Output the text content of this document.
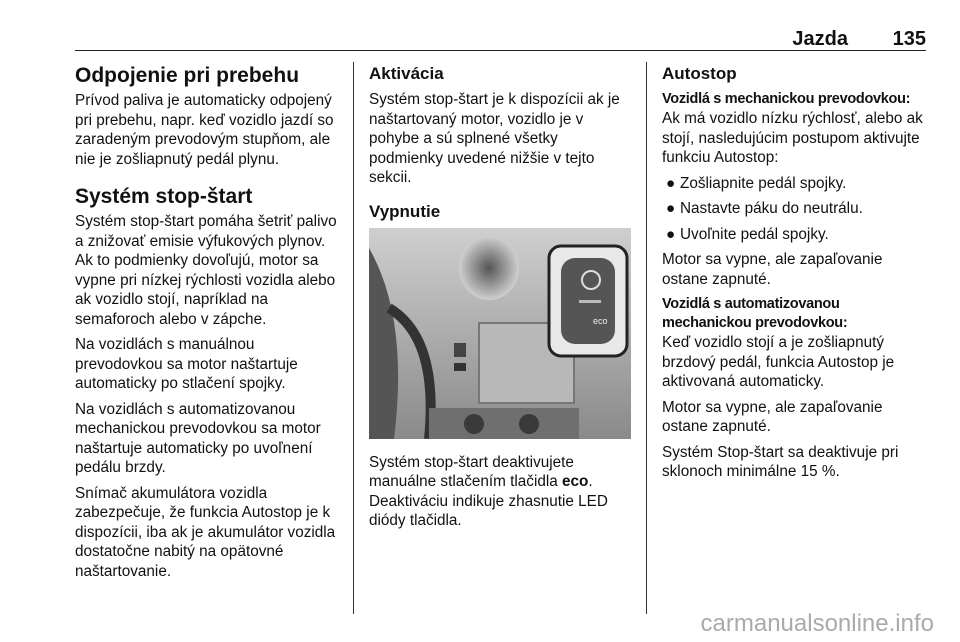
Jazda 135
Odpojenie pri prebehu

Prívod paliva je automaticky odpojený pri prebehu, napr. keď vozidlo jazdí so zaradeným prevodovým stupňom, ale nie je zošliapnutý pedál plynu.

Systém stop-štart

Systém stop-štart pomáha šetriť palivo a znižovať emisie výfukových plynov. Ak to podmienky dovoľujú, motor sa vypne pri nízkej rýchlosti vozidla alebo ak vozidlo stojí, napríklad na semaforoch alebo v zápche.

Na vozidlách s manuálnou prevodovkou sa motor naštartuje automaticky po stlačení spojky.

Na vozidlách s automatizovanou mechanickou prevodovkou sa motor naštartuje automaticky po uvoľnení pedálu brzdy.

Snímač akumulátora vozidla zabezpečuje, že funkcia Autostop je k dispozícii, iba ak je akumulátor vozidla dostatočne nabitý na opätovné naštartovanie.

Aktivácia

Systém stop-štart je k dispozícii ak je naštartovaný motor, vozidlo je v pohybe a sú splnené všetky podmienky uvedené nižšie v tejto sekcii.

Vypnutie
eco

Systém stop-štart deaktivujete manuálne stlačením tlačidla eco. Deaktiváciu indikuje zhasnutie LED diódy tlačidla.

Autostop
Vozidlá s mechanickou prevodovkou:

Ak má vozidlo nízku rýchlosť, alebo ak stojí, nasledujúcim postupom aktivujte funkciu Autostop:

● Zošliapnite pedál spojky.
● Nastavte páku do neutrálu.
● Uvoľnite pedál spojky.

Motor sa vypne, ale zapaľovanie ostane zapnuté.

Vozidlá s automatizovanou mechanickou prevodovkou:

Keď vozidlo stojí a je zošliapnutý brzdový pedál, funkcia Autostop je aktivovaná automaticky.

Motor sa vypne, ale zapaľovanie ostane zapnuté.

Systém Stop-štart sa deaktivuje pri sklonoch minimálne 15 %.

carmanualsonline.info
